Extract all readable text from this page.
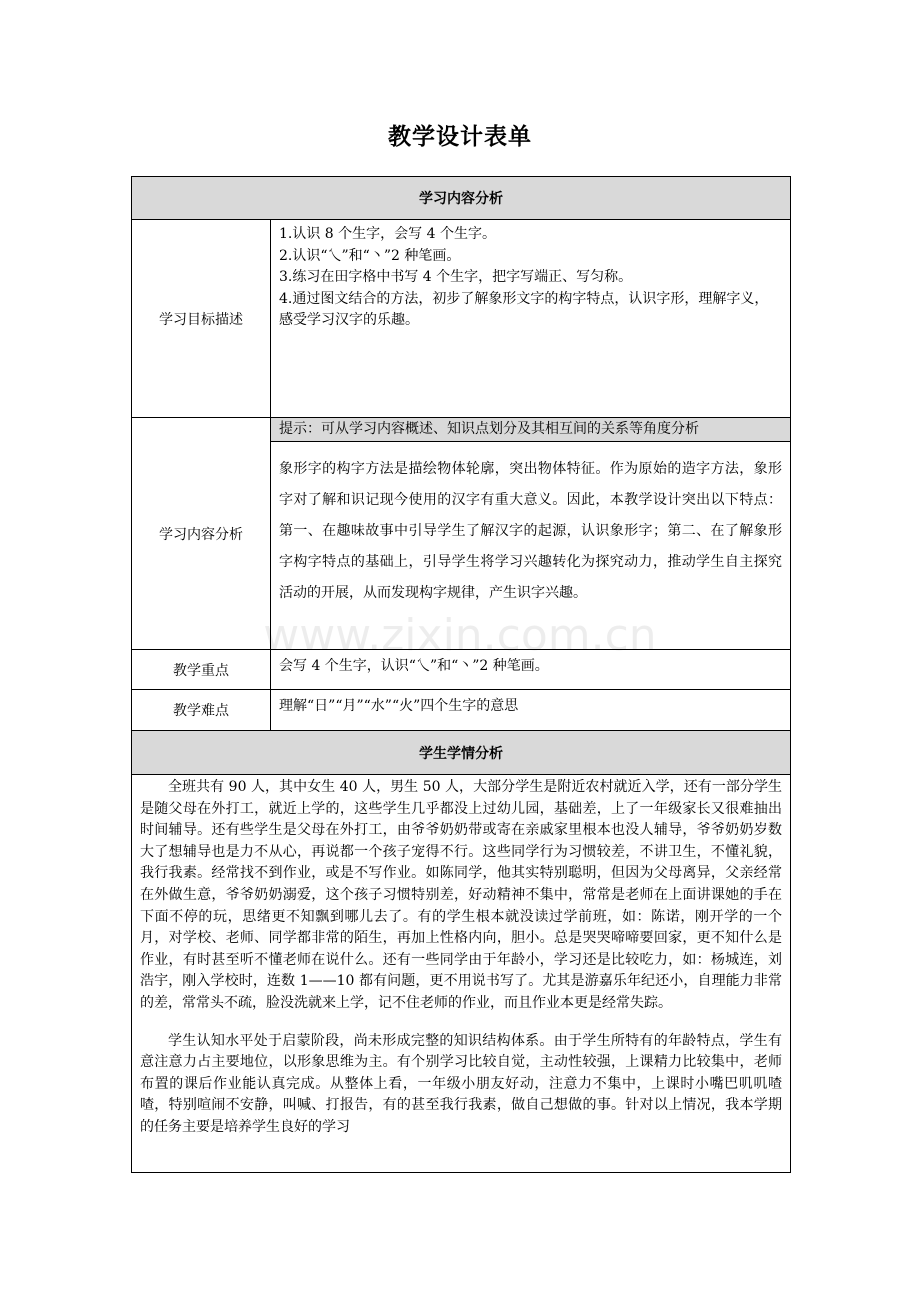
教学设计表单
学习内容分析	
学习目标描述	1.认识 8 个生字，会写 4 个生字。
2.认识“乀”和“丶”2 种笔画。
3.练习在田字格中书写 4 个生字，把字写端正、写匀称。
4.通过图文结合的方法，初步了解象形文字的构字特点，认识字形，理解字义，感受学习汉字的乐趣。

学习内容分析	提示：可从学习内容概述、知识点划分及其相互间的关系等角度分析
象形字的构字方法是描绘物体轮廓，突出物体特征。作为原始的造字方法，象形字对了解和识记现今使用的汉字有重大意义。因此，本教学设计突出以下特点：第一、在趣味故事中引导学生了解汉字的起源，认识象形字；第二、在了解象形字构字特点的基础上，引导学生将学习兴趣转化为探究动力，推动学生自主探究活动的开展，从而发现构字规律，产生识字兴趣。

教学重点	会写 4 个生字，认识“乀”和“丶”2 种笔画。
教学难点	理解“日”“月”“水”“火”四个生字的意思
学生学情分析	

全班共有 90 人，其中女生 40 人，男生 50 人，大部分学生是附近农村就近入学，还有一部分学生是随父母在外打工，就近上学的，这些学生几乎都没上过幼儿园，基础差，上了一年级家长又很难抽出时间辅导。还有些学生是父母在外打工，由爷爷奶奶带或寄在亲戚家里根本也没人辅导，爷爷奶奶岁数大了想辅导也是力不从心，再说都一个孩子宠得不行。这些同学行为习惯较差，不讲卫生，不懂礼貌，我行我素。经常找不到作业，或是不写作业。如陈同学，他其实特别聪明，但因为父母离异，父亲经常在外做生意，爷爷奶奶溺爱，这个孩子习惯特别差，好动精神不集中，常常是老师在上面讲课她的手在下面不停的玩，思绪更不知飘到哪儿去了。有的学生根本就没读过学前班，如：陈诺，刚开学的一个月，对学校、老师、同学都非常的陌生，再加上性格内向，胆小。总是哭哭啼啼要回家，更不知什么是作业，有时甚至听不懂老师在说什么。还有一些同学由于年龄小，学习还是比较吃力，如：杨城连，刘浩宇，刚入学校时，连数 1——10 都有问题，更不用说书写了。尤其是游嘉乐年纪还小，自理能力非常的差，常常头不疏，脸没洗就来上学，记不住老师的作业，而且作业本更是经常失踪。

学生认知水平处于启蒙阶段，尚未形成完整的知识结构体系。由于学生所特有的年龄特点，学生有意注意力占主要地位，以形象思维为主。有个别学习比较自觉，主动性较强，上课精力比较集中，老师布置的课后作业能认真完成。从整体上看，一年级小朋友好动，注意力不集中，上课时小嘴巴叽叽喳喳，特别喧闹不安静，叫喊、打报告，有的甚至我行我素，做自己想做的事。针对以上情况，我本学期的任务主要是培养学生良好的学习	

www.zixin.com.cn
